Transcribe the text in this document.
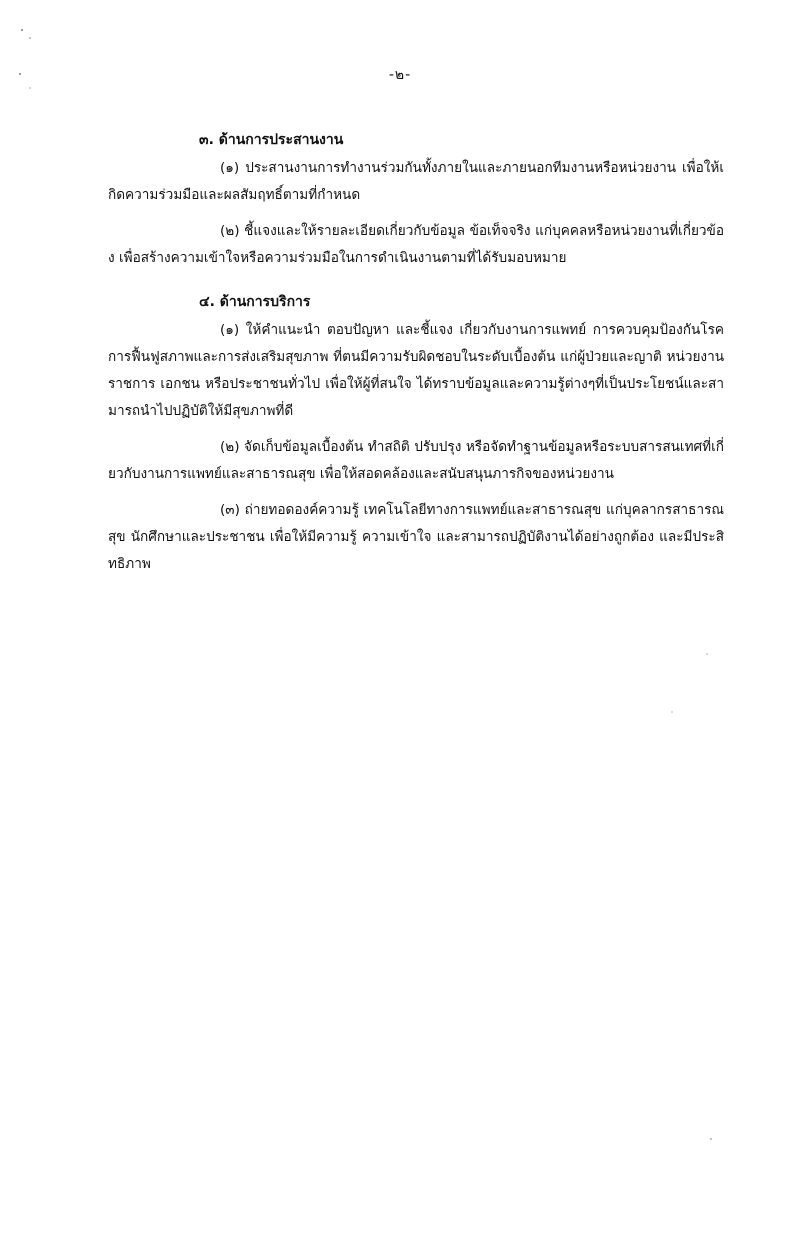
-๒-
๓. ด้านการประสานงาน

(๑) ประสานงานการทำงานร่วมกันทั้งภายในและภายนอกทีมงานหรือหน่วยงาน เพื่อให้เกิดความร่วมมือและผลสัมฤทธิ์ตามที่กำหนด

(๒) ชี้แจงและให้รายละเอียดเกี่ยวกับข้อมูล ข้อเท็จจริง แก่บุคคลหรือหน่วยงานที่เกี่ยวข้อง เพื่อสร้างความเข้าใจหรือความร่วมมือในการดำเนินงานตามที่ได้รับมอบหมาย

๔. ด้านการบริการ

(๑) ให้คำแนะนำ ตอบปัญหา และชี้แจง เกี่ยวกับงานการแพทย์ การควบคุมป้องกันโรค การฟื้นฟูสภาพและการส่งเสริมสุขภาพ ที่ตนมีความรับผิดชอบในระดับเบื้องต้น แก่ผู้ป่วยและญาติ หน่วยงานราชการ เอกชน หรือประชาชนทั่วไป เพื่อให้ผู้ที่สนใจ ได้ทราบข้อมูลและความรู้ต่างๆที่เป็นประโยชน์และสามารถนำไปปฏิบัติให้มีสุขภาพที่ดี

(๒) จัดเก็บข้อมูลเบื้องต้น ทำสถิติ ปรับปรุง หรือจัดทำฐานข้อมูลหรือระบบสารสนเทศที่เกี่ยวกับงานการแพทย์และสาธารณสุข เพื่อให้สอดคล้องและสนับสนุนภารกิจของหน่วยงาน

(๓) ถ่ายทอดองค์ความรู้ เทคโนโลยีทางการแพทย์และสาธารณสุข แก่บุคลากรสาธารณสุข นักศึกษาและประชาชน เพื่อให้มีความรู้ ความเข้าใจ และสามารถปฏิบัติงานได้อย่างถูกต้อง และมีประสิทธิภาพ
